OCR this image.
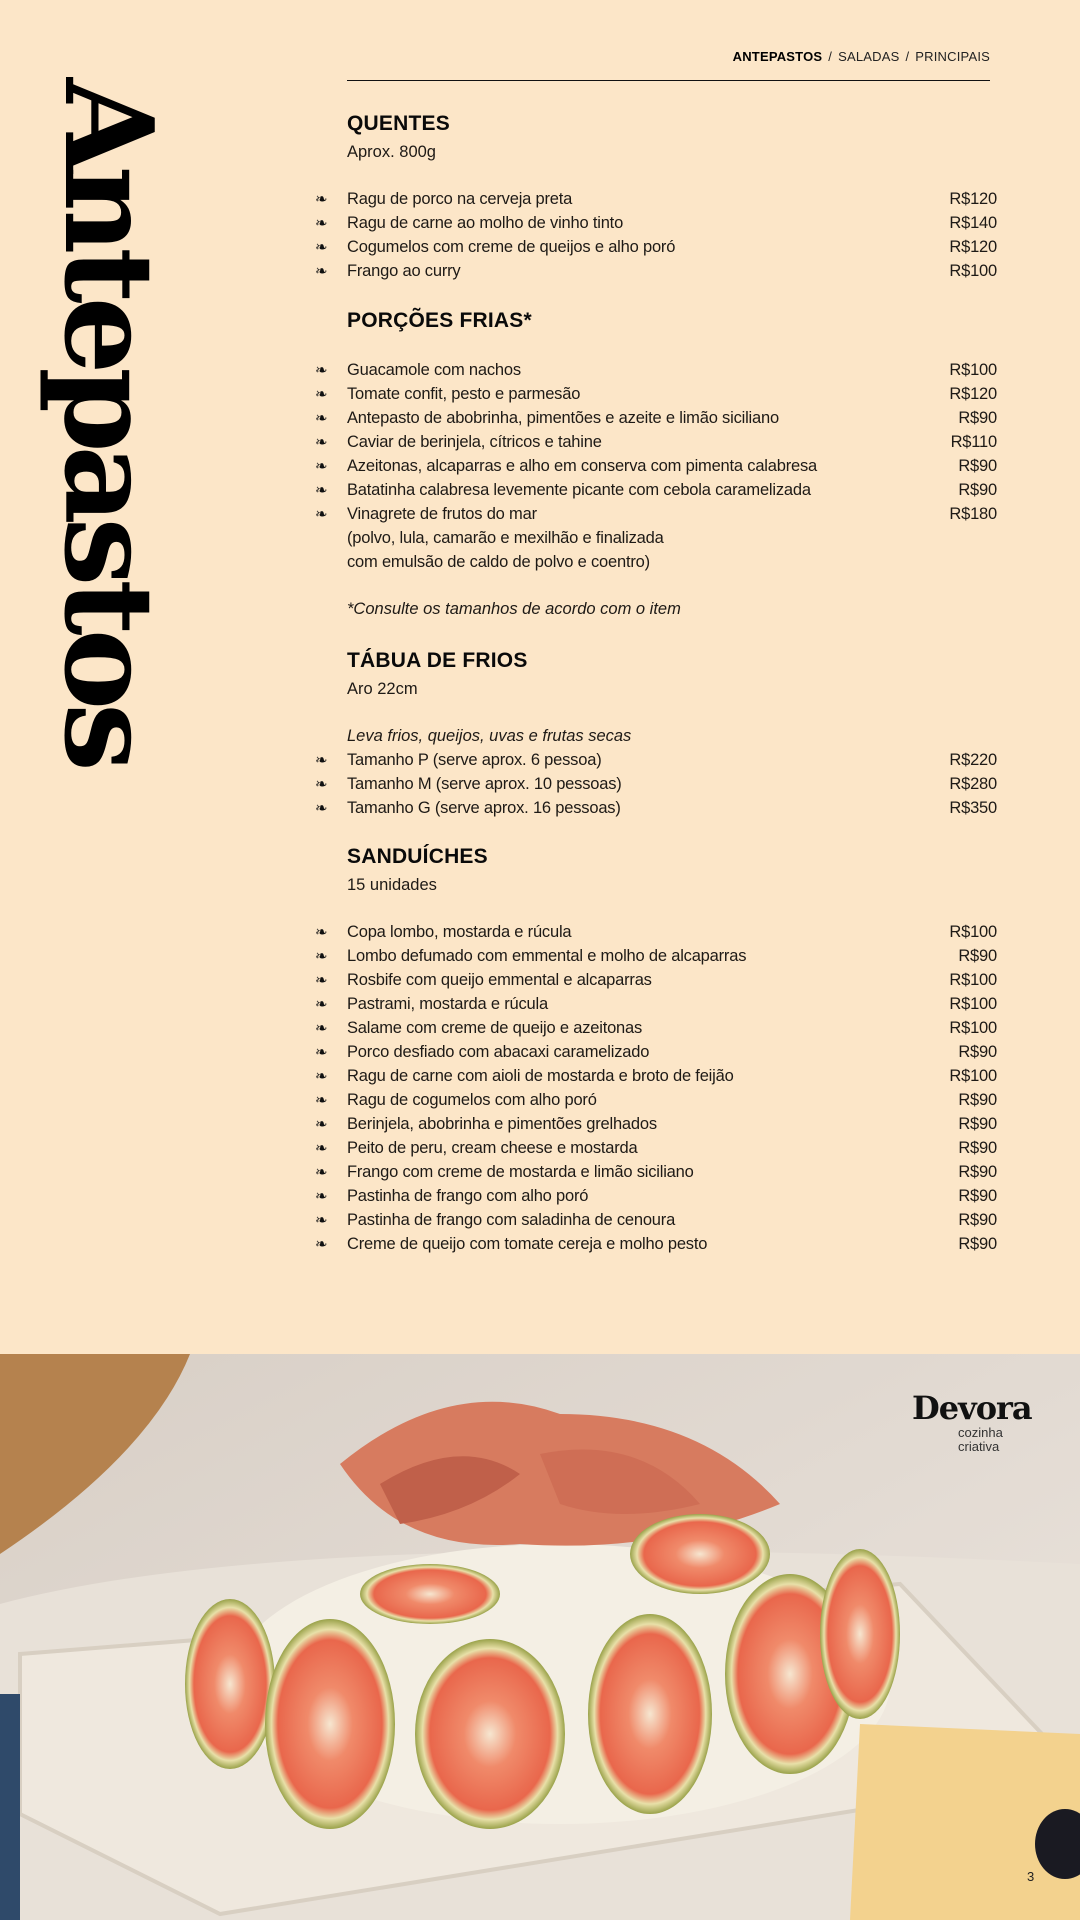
ANTEPASTOS / SALADAS / PRINCIPAIS
Antepastos	QUENTES
Aprox. 800g
❧ Ragu de porco na cerveja preta	R$120
❧ Ragu de carne ao molho de vinho tinto	R$140
❧ Cogumelos com creme de queijos e alho poró	R$120
❧ Frango ao curry	R$100
PORÇÕES FRIAS*
❧ Guacamole com nachos	R$100
❧ Tomate confit, pesto e parmesão	R$120
❧ Antepasto de abobrinha, pimentões e azeite e limão siciliano	R$90
❧ Caviar de berinjela, cítricos e tahine	R$110
❧ Azeitonas, alcaparras e alho em conserva com pimenta calabresa	R$90
❧ Batatinha calabresa levemente picante com cebola caramelizada	R$90
❧ Vinagrete de frutos do mar	R$180
(polvo, lula, camarão e mexilhão e finalizada
com emulsão de caldo de polvo e coentro)
*Consulte os tamanhos de acordo com o item
TÁBUA DE FRIOS
Aro 22cm
Leva frios, queijos, uvas e frutas secas
❧ Tamanho P (serve aprox. 6 pessoa)	R$220
❧ Tamanho M (serve aprox. 10 pessoas)	R$280
❧ Tamanho G (serve aprox. 16 pessoas)	R$350
SANDUÍCHES
15 unidades
❧ Copa lombo, mostarda e rúcula	R$100
❧ Lombo defumado com emmental e molho de alcaparras	R$90
❧ Rosbife com queijo emmental e alcaparras	R$100
❧ Pastrami, mostarda e rúcula	R$100
❧ Salame com creme de queijo e azeitonas	R$100
❧ Porco desfiado com abacaxi caramelizado	R$90
❧ Ragu de carne com aioli de mostarda e broto de feijão	R$100
❧ Ragu de cogumelos com alho poró	R$90
❧ Berinjela, abobrinha e pimentões grelhados	R$90
❧ Peito de peru, cream cheese e mostarda	R$90
❧ Frango com creme de mostarda e limão siciliano	R$90
❧ Pastinha de frango com alho poró	R$90
❧ Pastinha de frango com saladinha de cenoura	R$90
❧ Creme de queijo com tomate cereja e molho pesto	R$90
Devora
cozinha
criativa
3
